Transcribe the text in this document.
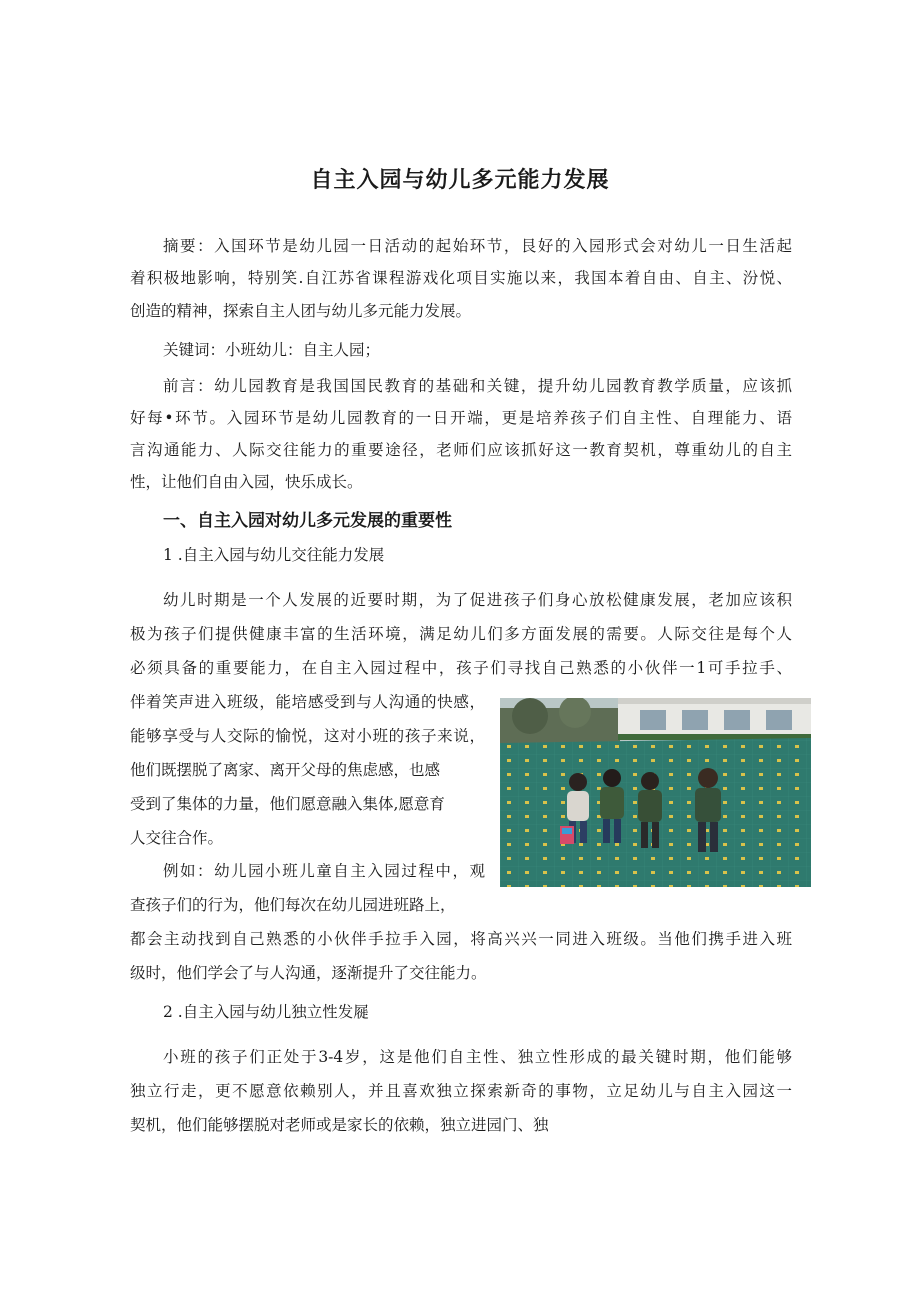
自主入园与幼儿多元能力发展
摘要：入国环节是幼儿园一日活动的起始环节，艮好的入园形式会对幼儿一日生活起
着积极地影响，特别笑.自江苏省课程游戏化项目实施以来，我国本着自由、自主、汾悦、
创造的精神，探索自主人团与幼儿多元能力发展。
关键词：小班幼儿：自主人园；
前言：幼儿园教育是我国国民教育的基础和关键，提升幼儿园教育教学质量，应该抓
好每•环节。入园环节是幼儿园教育的一日开端，更是培养孩子们自主性、自理能力、语
言沟通能力、人际交往能力的重要途径，老师们应该抓好这一教育契机，尊重幼儿的自主
性，让他们自由入园，快乐成长。
一、自主入园对幼儿多元发展的重要性
1 .自主入园与幼儿交往能力发展
幼儿时期是一个人发展的近要时期，为了促进孩子们身心放松健康发展，老加应该积
极为孩子们提供健康丰富的生活环境，满足幼儿们多方面发展的需要。人际交往是每个人
必须具备的重要能力，在自主入园过程中，孩子们寻找自己熟悉的小伙伴一1可手拉手、
伴着笑声进入班级，能培感受到与人沟通的快感，
能够享受与人交际的愉悦，这对小班的孩子来说，
他们既摆脱了离家、离开父母的焦虑感，也感
受到了集体的力量，他们愿意融入集体,愿意育
人交往合作。
例如：幼儿园小班儿童自主入园过程中，观
查孩子们的行为，他们每次在幼儿园进班路上，
都会主动找到自己熟悉的小伙伴手拉手入园，将高兴兴一同进入班级。当他们携手进入班
级时，他们学会了与人沟通，逐渐提升了交往能力。
2 .自主入园与幼儿独立性发屣
小班的孩子们正处于3-4岁，这是他们自主性、独立性形成的最关键时期，他们能够
独立行走，更不愿意依赖别人，并且喜欢独立探索新奇的事物，立足幼儿与自主入园这一
契机，他们能够摆脱对老师或是家长的依赖，独立进园门、独
